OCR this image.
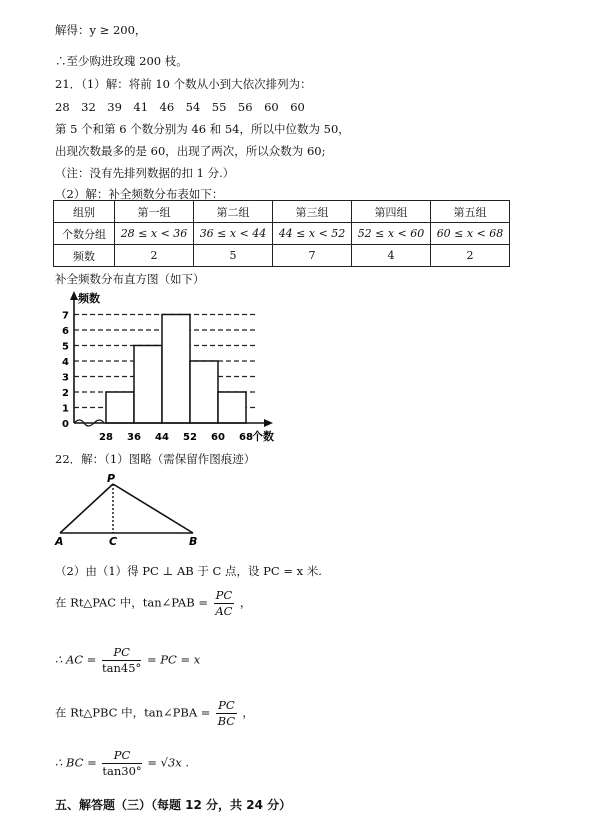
解得：y ≥ 200，
∴至少购进玫瑰 200 枝。
21．（1）解：将前 10 个数从小到大依次排列为：
28　32　39　41　46　54　55　56　60　60
第 5 个和第 6 个数分别为 46 和 54，所以中位数为 50，
出现次数最多的是 60，出现了两次，所以众数为 60;
（注：没有先排列数据的扣 1 分.）
（2）解：补全频数分布表如下：
组别	第一组	第二组	第三组	第四组	第五组
个数分组	28 ≤ x < 36	36 ≤ x < 44	44 ≤ x < 52	52 ≤ x < 60	60 ≤ x < 68
频数	2	5	7	4	2
补全频数分布直方图（如下）
0
1
2
3
4
5
6
7
28 36 44 52 60 68
频数
个数
22．解：（1）图略（需保留作图痕迹）
P
A	C	B
（2）由（1）得 PC ⊥ AB 于 C 点，设 PC = x 米.
在 Rt△PAC 中，tan∠PAB = $\frac{PC}{AC}$ ，
∴ AC = $\frac{PC}{\tan 45^\circ}$ = PC = x
在 Rt△PBC 中，tan∠PBA = $\frac{PC}{BC}$ ，
∴ BC = $\frac{PC}{\tan 30^\circ} = √3x$ .
五、解答题（三）（每题 12 分，共 24 分）
